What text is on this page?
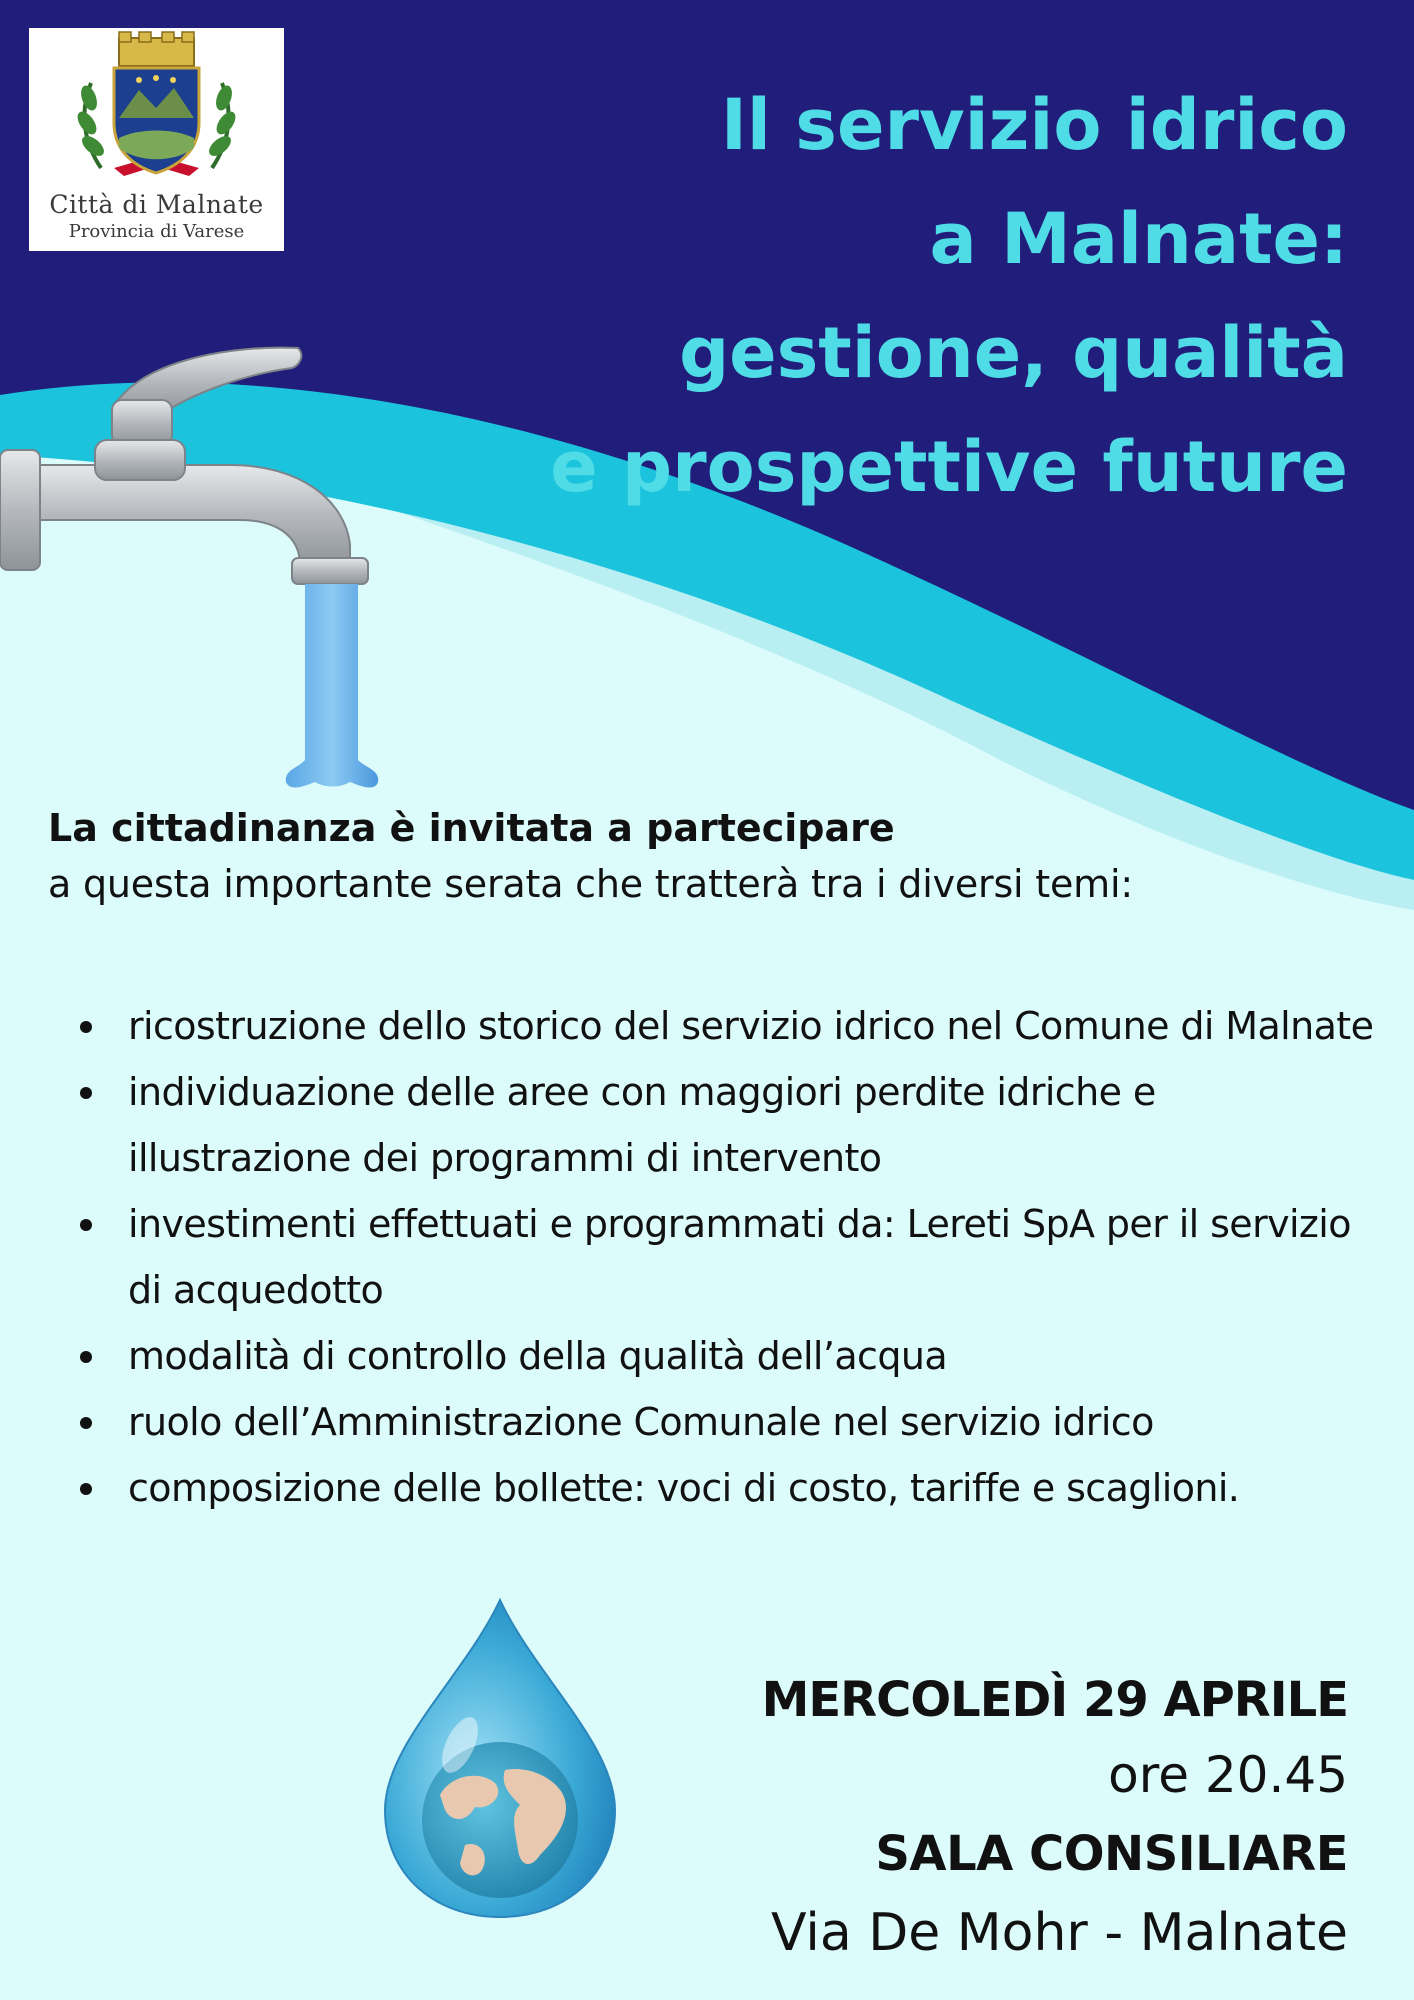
Città di Malnate
Provincia di Varese
Il servizio idrico
a Malnate:
gestione, qualità
e prospettive future
La cittadinanza è invitata a partecipare
a questa importante serata che tratterà tra i diversi temi:
ricostruzione dello storico del servizio idrico nel Comune di Malnate
individuazione delle aree con maggiori perdite idriche e illustrazione dei programmi di intervento
investimenti effettuati e programmati da: Lereti SpA per il servizio di acquedotto
modalità di controllo della qualità dell’acqua
ruolo dell’Amministrazione Comunale nel servizio idrico
composizione delle bollette: voci di costo, tariffe e scaglioni.
MERCOLEDÌ 29 APRILE
ore 20.45
SALA CONSILIARE
Via De Mohr - Malnate
